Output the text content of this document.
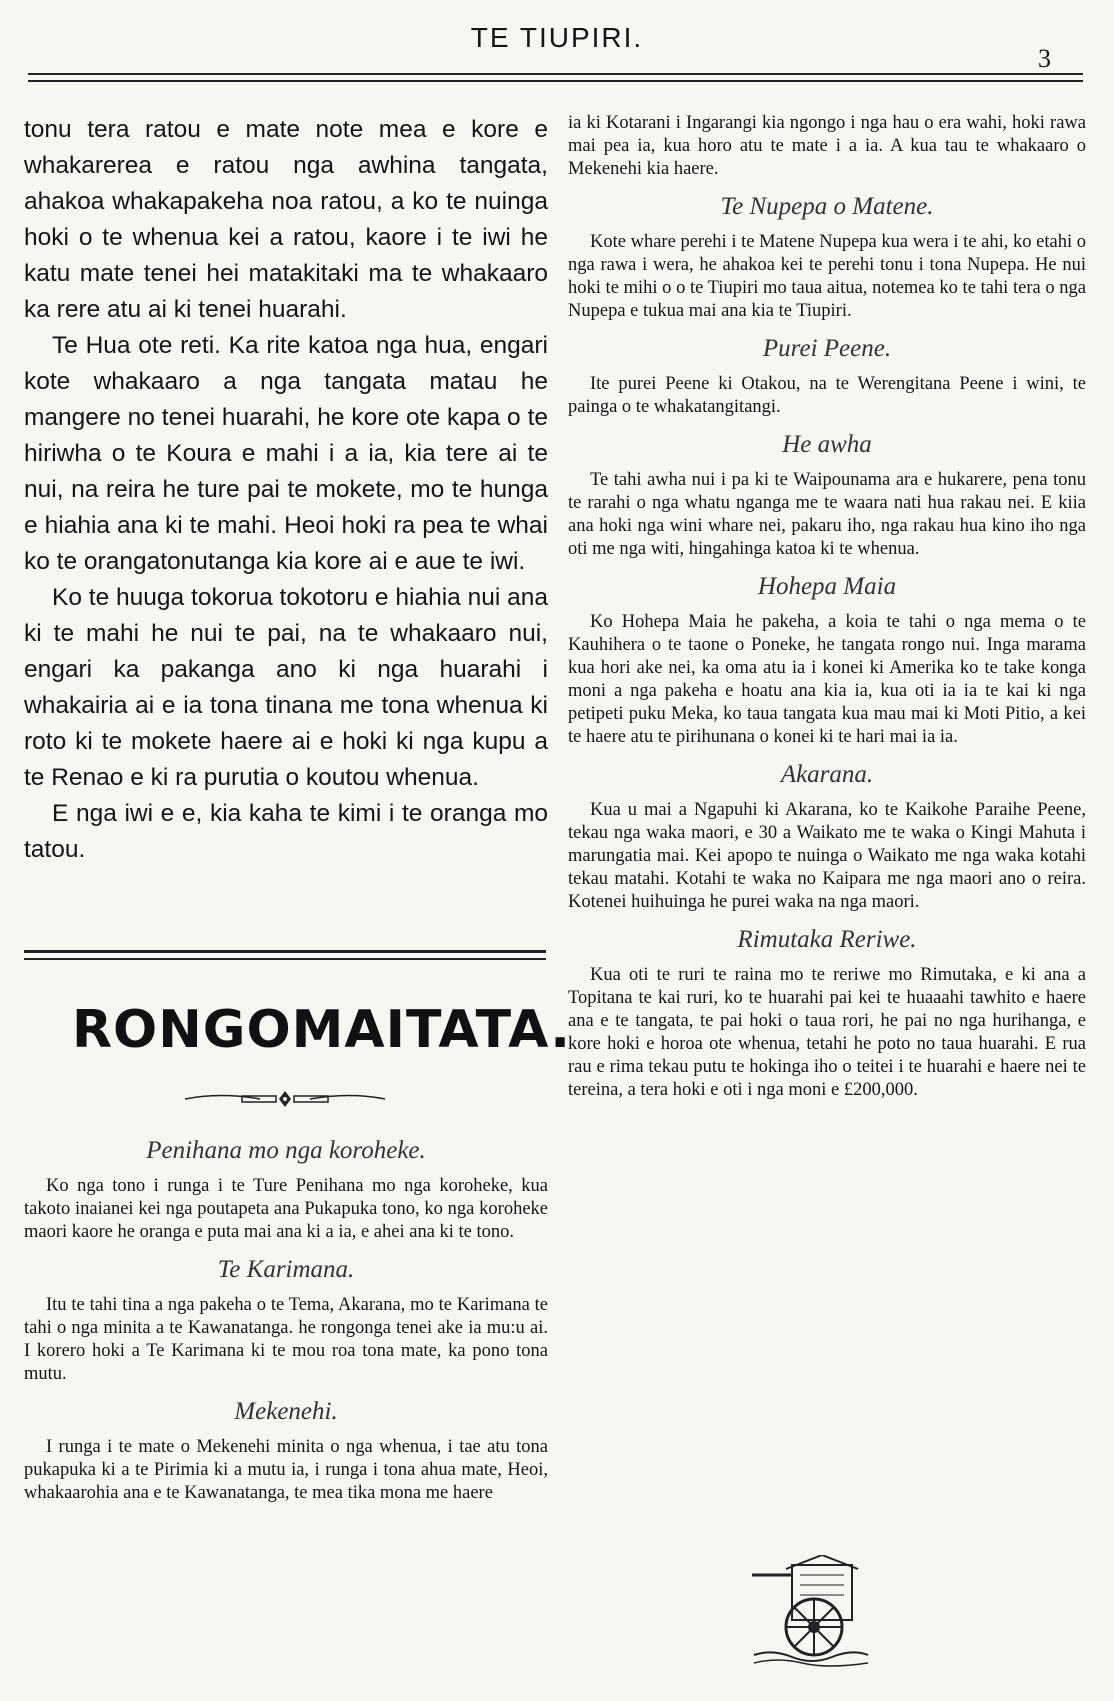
TE TIUPIRI.
3

tonu tera ratou e mate note mea e kore e whakarerea e ratou nga awhina tangata, ahakoa whakapakeha noa ratou, a ko te nuinga hoki o te whenua kei a ratou, kaore i te iwi he katu mate tenei hei matakitaki ma te whakaaro ka rere atu ai ki tenei huarahi.

Te Hua ote reti. Ka rite katoa nga hua, engari kote whakaaro a nga tangata matau he mangere no tenei huarahi, he kore ote kapa o te hiriwha o te Koura e mahi i a ia, kia tere ai te nui, na reira he ture pai te mokete, mo te hunga e hiahia ana ki te mahi. Heoi hoki ra pea te whai ko te orangatonutanga kia kore ai e aue te iwi.

Ko te huuga tokorua tokotoru e hiahia nui ana ki te mahi he nui te pai, na te whakaaro nui, engari ka pakanga ano ki nga huarahi i whakairia ai e ia tona tinana me tona whenua ki roto ki te mokete haere ai e hoki ki nga kupu a te Renao e ki ra purutia o koutou whenua.

E nga iwi e e, kia kaha te kimi i te oranga mo tatou.

RONGOMAITATA.
Penihana mo nga koroheke.

Ko nga tono i runga i te Ture Penihana mo nga koroheke, kua takoto inaianei kei nga poutapeta ana Pukapuka tono, ko nga koroheke maori kaore he oranga e puta mai ana ki a ia, e ahei ana ki te tono.

Te Karimana.

Itu te tahi tina a nga pakeha o te Tema, Akarana, mo te Karimana te tahi o nga minita a te Kawanatanga. he rongonga tenei ake ia mu:u ai. I korero hoki a Te Karimana ki te mou roa tona mate, ka pono tona mutu.

Mekenehi.

I runga i te mate o Mekenehi minita o nga whenua, i tae atu tona pukapuka ki a te Pirimia ki a mutu ia, i runga i tona ahua mate, Heoi, whakaarohia ana e te Kawanatanga, te mea tika mona me haere

ia ki Kotarani i Ingarangi kia ngongo i nga hau o era wahi, hoki rawa mai pea ia, kua horo atu te mate i a ia. A kua tau te whakaaro o Mekenehi kia haere.

Te Nupepa o Matene.

Kote whare perehi i te Matene Nupepa kua wera i te ahi, ko etahi o nga rawa i wera, he ahakoa kei te perehi tonu i tona Nupepa. He nui hoki te mihi o o te Tiupiri mo taua aitua, notemea ko te tahi tera o nga Nupepa e tukua mai ana kia te Tiupiri.

Purei Peene.

Ite purei Peene ki Otakou, na te Werengitana Peene i wini, te painga o te whakatangitangi.

He awha

Te tahi awha nui i pa ki te Waipounama ara e hukarere, pena tonu te rarahi o nga whatu nganga me te waara nati hua rakau nei. E kiia ana hoki nga wini whare nei, pakaru iho, nga rakau hua kino iho nga oti me nga witi, hingahinga katoa ki te whenua.

Hohepa Maia

Ko Hohepa Maia he pakeha, a koia te tahi o nga mema o te Kauhihera o te taone o Poneke, he tangata rongo nui. Inga marama kua hori ake nei, ka oma atu ia i konei ki Amerika ko te take konga moni a nga pakeha e hoatu ana kia ia, kua oti ia ia te kai ki nga petipeti puku Meka, ko taua tangata kua mau mai ki Moti Pitio, a kei te haere atu te pirihunana o konei ki te hari mai ia ia.

Akarana.

Kua u mai a Ngapuhi ki Akarana, ko te Kaikohe Paraihe Peene, tekau nga waka maori, e 30 a Waikato me te waka o Kingi Mahuta i marungatia mai. Kei apopo te nuinga o Waikato me nga waka kotahi tekau matahi. Kotahi te waka no Kaipara me nga maori ano o reira. Kotenei huihuinga he purei waka na nga maori.

Rimutaka Reriwe.

Kua oti te ruri te raina mo te reriwe mo Rimutaka, e ki ana a Topitana te kai ruri, ko te huarahi pai kei te huaaahi tawhito e haere ana e te tangata, te pai hoki o taua rori, he pai no nga hurihanga, e kore hoki e horoa ote whenua, tetahi he poto no taua huarahi. E rua rau e rima tekau putu te hokinga iho o teitei i te huarahi e haere nei te tereina, a tera hoki e oti i nga moni e £200,000.
